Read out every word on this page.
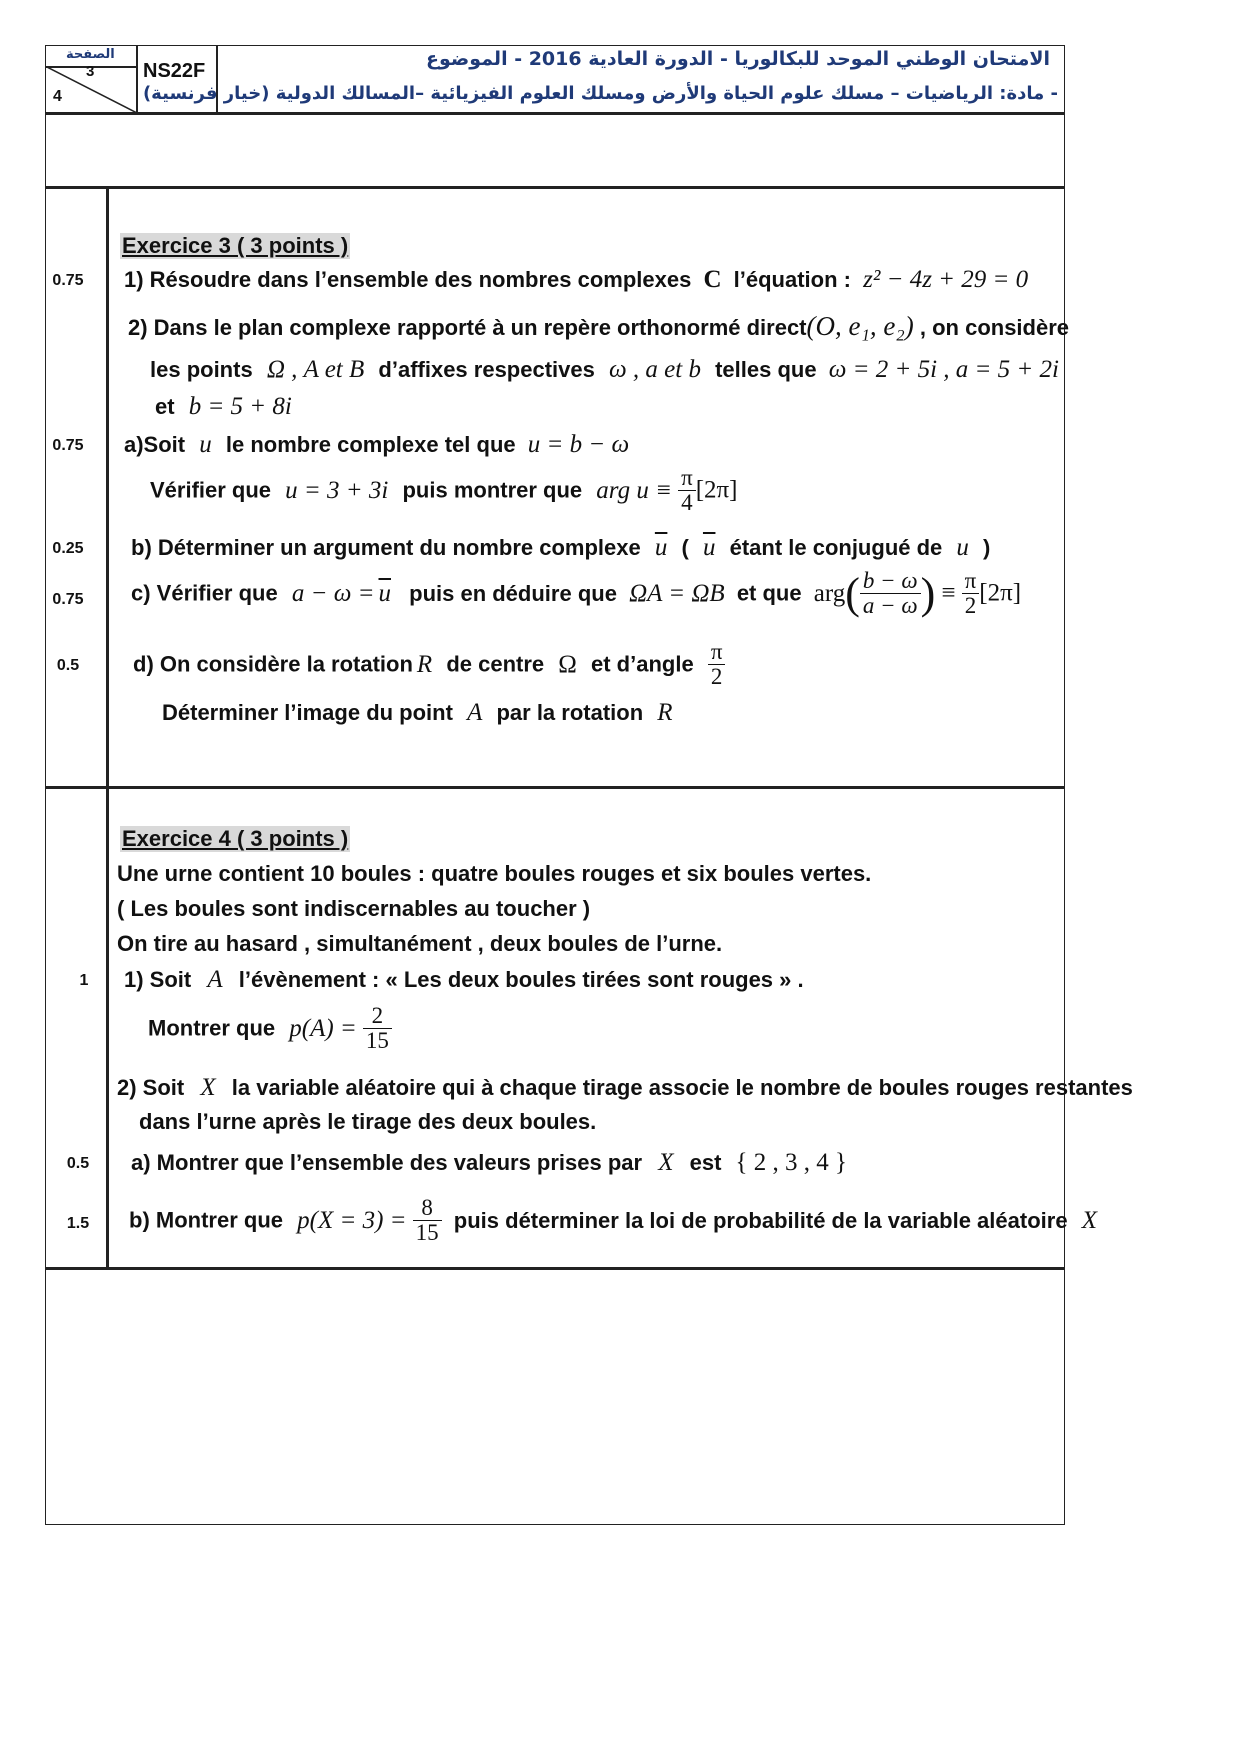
الصفحة
3
4
NS22F
الامتحان الوطني الموحد للبكالوريا - الدورة العادية 2016 - الموضوع
- مادة: الرياضيات – مسلك علوم الحياة والأرض ومسلك العلوم الفيزيائية –المسالك الدولية (خيار فرنسية)
Exercice 3 ( 3 points )
0.75	1) Résoudre dans l’ensemble des nombres complexes C l’équation : z² − 4z + 29 = 0
2) Dans le plan complexe rapporté à un repère orthonormé direct(O, e₁, e₂) , on considère
les points Ω , A et B d’affixes respectives ω , a et b telles que ω = 2 + 5i , a = 5 + 2i
et b = 5 + 8i
0.75	a)Soit u le nombre complexe tel que u = b − ω
Vérifier que u = 3 + 3i puis montrer que arg $u \equiv \frac{\pi}{4} [2\pi]$
0.25	b) Déterminer un argument du nombre complexe $\overline{u}$ ( $\overline{u}$ étant le conjugué de u )
0.75	c) Vérifier que $a - \omega = \overline{u}$ puis en déduire que ΩA = ΩB et que $arg( \frac{b - \omega}{a - \omega}$ ) ≡ $\frac{\pi}{2} [2\pi]$
0.5	d) On considère la rotation R de centre Ω et d’angle $\frac{\pi}{2}$
Déterminer l’image du point A par la rotation R
Exercice 4 ( 3 points )
Une urne contient 10 boules : quatre boules rouges et six boules vertes.
( Les boules sont indiscernables au toucher )
On tire au hasard , simultanément , deux boules de l’urne.
1	1) Soit A l’évènement : « Les deux boules tirées sont rouges » .
Montrer que $p(A) = \frac{2}{15}$
2) Soit X la variable aléatoire qui à chaque tirage associe le nombre de boules rouges restantes
dans l’urne après le tirage des deux boules.
0.5	a) Montrer que l’ensemble des valeurs prises par X est { 2 , 3 , 4 }
1.5	b) Montrer que $p(X = 3) = \frac{8}{15}$ puis déterminer la loi de probabilité de la variable aléatoire X
